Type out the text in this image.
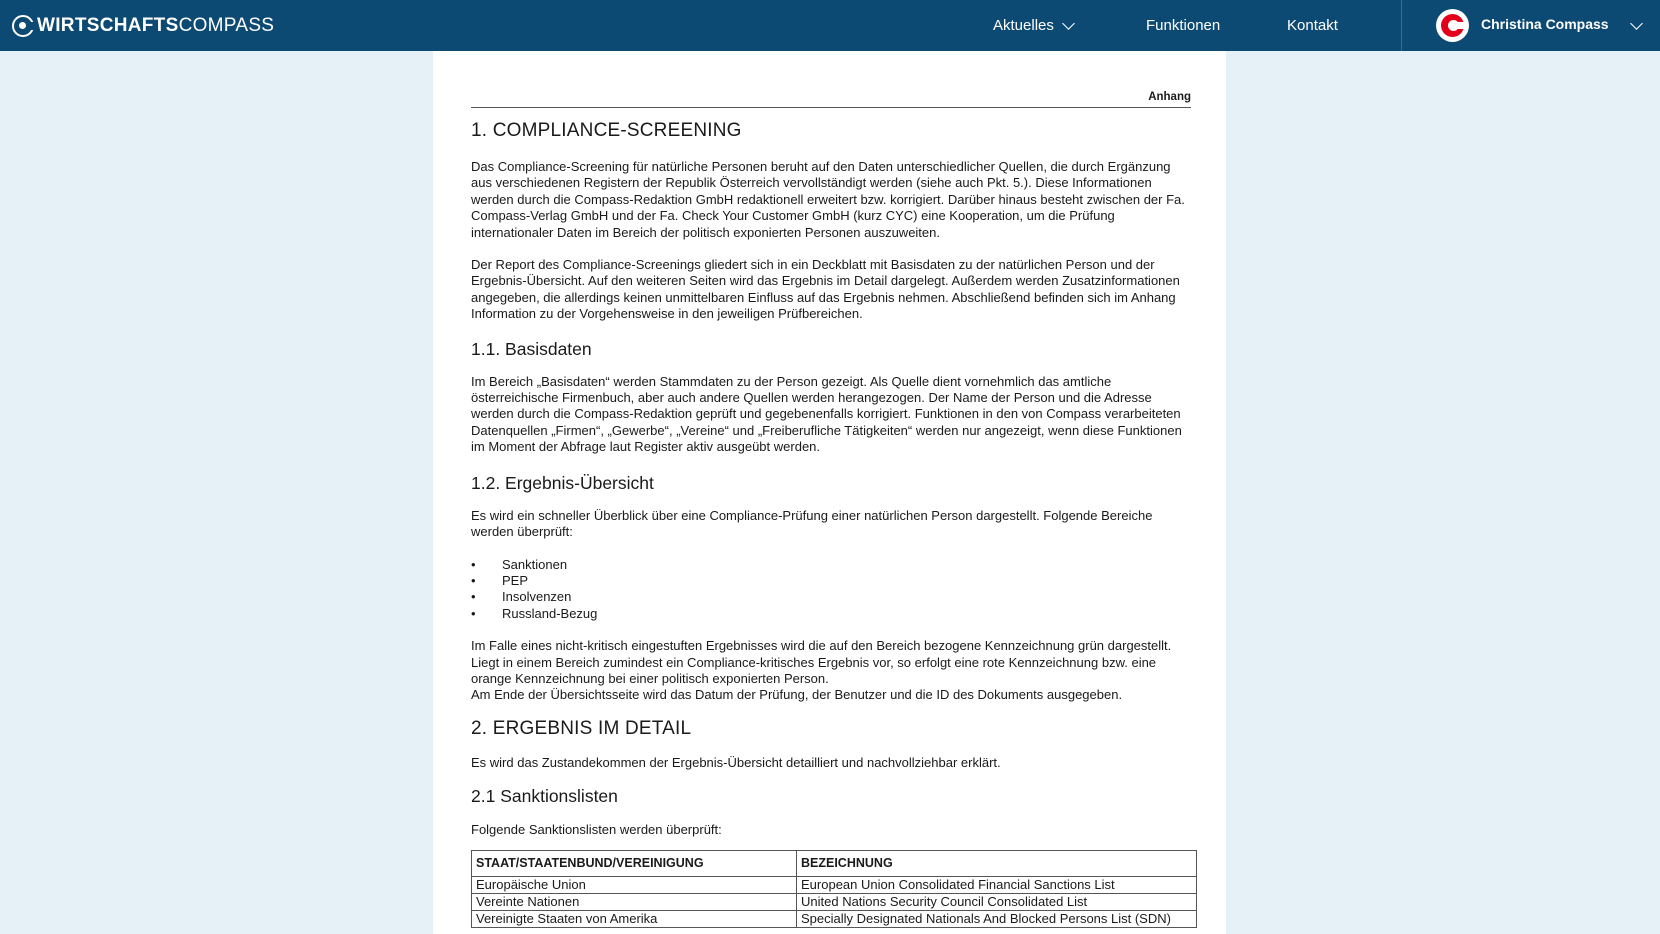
WIRTSCHAFTSCOMPASS	Aktuelles	Funktionen	Kontakt	Christina Compass
Anhang
1. COMPLIANCE-SCREENING

Das Compliance-Screening für natürliche Personen beruht auf den Daten unterschiedlicher Quellen, die durch Ergänzung aus verschiedenen Registern der Republik Österreich vervollständigt werden (siehe auch Pkt. 5.). Diese Informationen werden durch die Compass-Redaktion GmbH redaktionell erweitert bzw. korrigiert. Darüber hinaus besteht zwischen der Fa. Compass-Verlag GmbH und der Fa. Check Your Customer GmbH (kurz CYC) eine Kooperation, um die Prüfung internationaler Daten im Bereich der politisch exponierten Personen auszuweiten.

Der Report des Compliance-Screenings gliedert sich in ein Deckblatt mit Basisdaten zu der natürlichen Person und der Ergebnis-Übersicht. Auf den weiteren Seiten wird das Ergebnis im Detail dargelegt. Außerdem werden Zusatzinformationen angegeben, die allerdings keinen unmittelbaren Einfluss auf das Ergebnis nehmen. Abschließend befinden sich im Anhang Information zu der Vorgehensweise in den jeweiligen Prüfbereichen.

1.1. Basisdaten

Im Bereich „Basisdaten“ werden Stammdaten zu der Person gezeigt. Als Quelle dient vornehmlich das amtliche österreichische Firmenbuch, aber auch andere Quellen werden herangezogen. Der Name der Person und die Adresse werden durch die Compass-Redaktion geprüft und gegebenenfalls korrigiert. Funktionen in den von Compass verarbeiteten Datenquellen „Firmen“, „Gewerbe“, „Vereine“ und „Freiberufliche Tätigkeiten“ werden nur angezeigt, wenn diese Funktionen im Moment der Abfrage laut Register aktiv ausgeübt werden.

1.2. Ergebnis-Übersicht

Es wird ein schneller Überblick über eine Compliance-Prüfung einer natürlichen Person dargestellt. Folgende Bereiche werden überprüft:

• Sanktionen
• PEP
• Insolvenzen
• Russland-Bezug

Im Falle eines nicht-kritisch eingestuften Ergebnisses wird die auf den Bereich bezogene Kennzeichnung grün dargestellt. Liegt in einem Bereich zumindest ein Compliance-kritisches Ergebnis vor, so erfolgt eine rote Kennzeichnung bzw. eine orange Kennzeichnung bei einer politisch exponierten Person.

Am Ende der Übersichtsseite wird das Datum der Prüfung, der Benutzer und die ID des Dokuments ausgegeben.

2. ERGEBNIS IM DETAIL

Es wird das Zustandekommen der Ergebnis-Übersicht detailliert und nachvollziehbar erklärt.

2.1 Sanktionslisten

Folgende Sanktionslisten werden überprüft:

STAAT/STAATENBUND/VEREINIGUNG	BEZEICHNUNG
Europäische Union	European Union Consolidated Financial Sanctions List
Vereinte Nationen	United Nations Security Council Consolidated List
Vereinigte Staaten von Amerika	Specially Designated Nationals And Blocked Persons List (SDN)
